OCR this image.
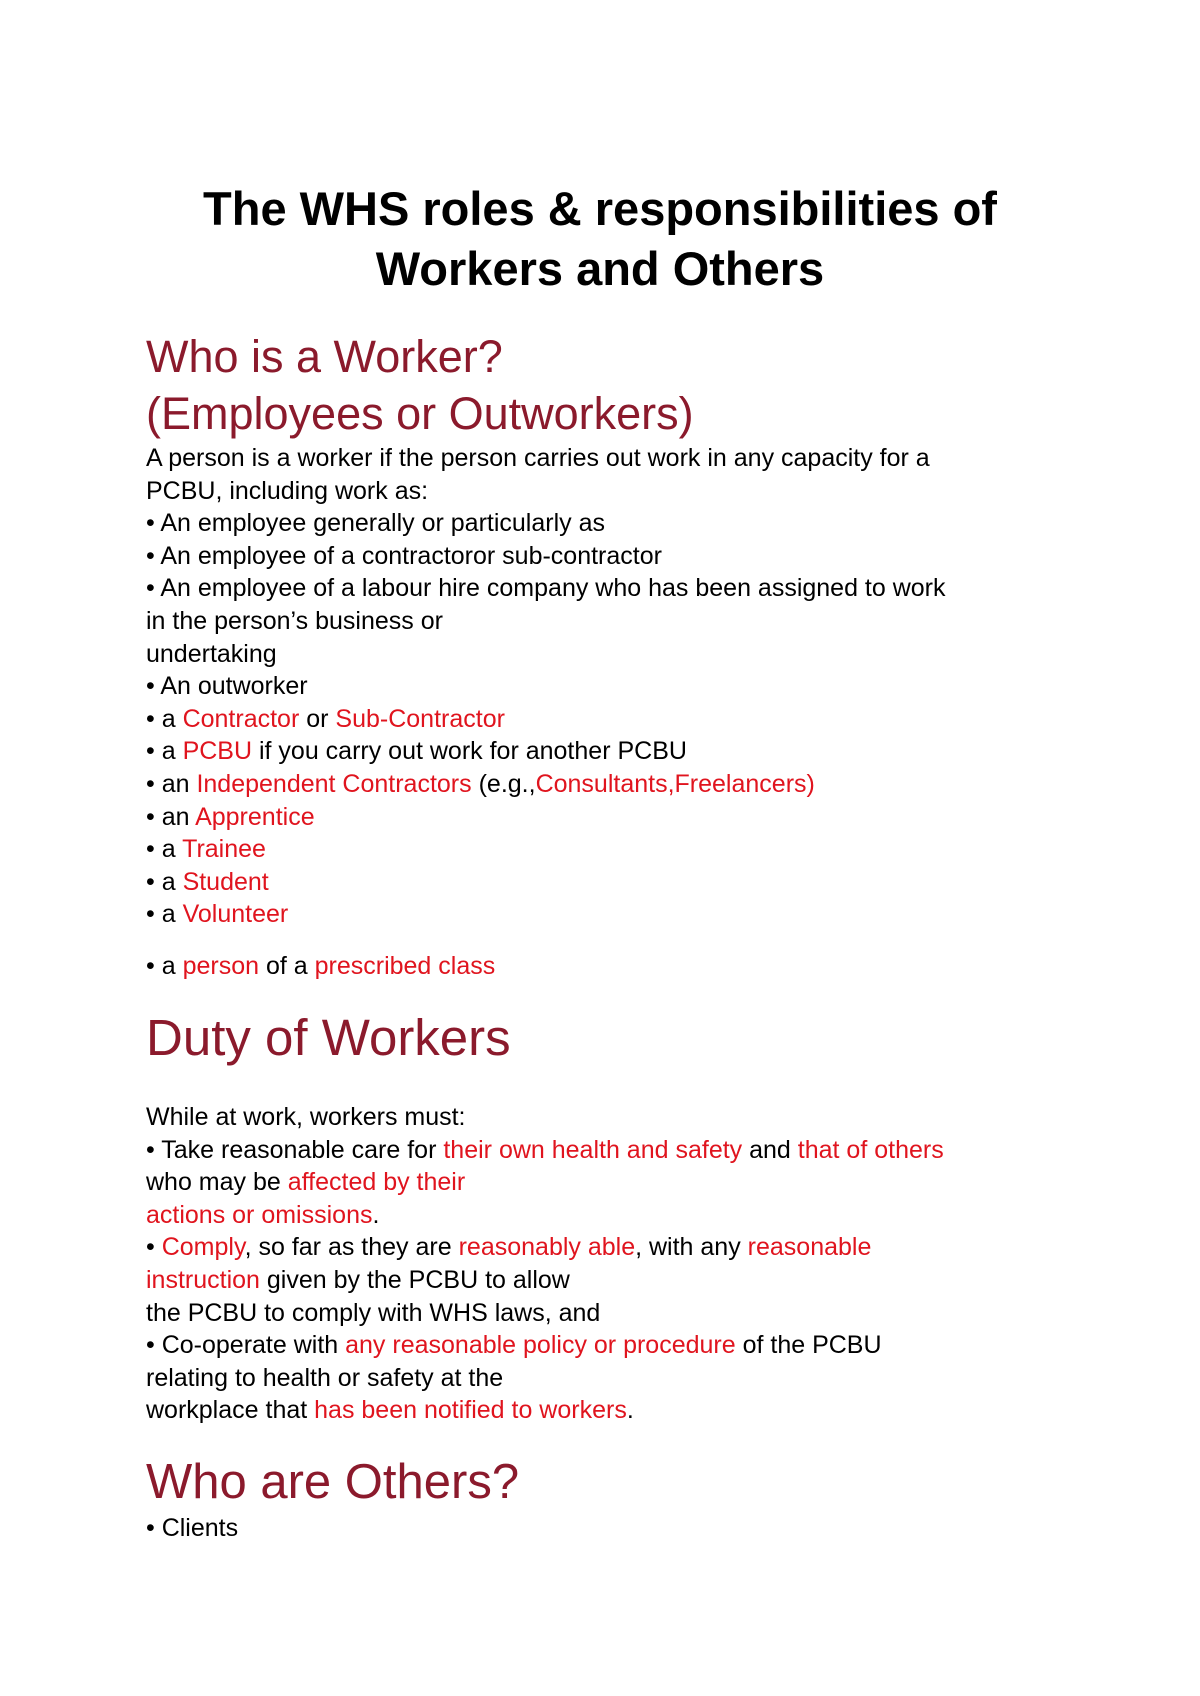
The WHS roles & responsibilities of
Workers and Others
Who is a Worker?
(Employees or Outworkers)
A person is a worker if the person carries out work in any capacity for a
PCBU, including work as:
• An employee generally or particularly as
• An employee of a contractoror sub-contractor
• An employee of a labour hire company who has been assigned to work
in the person’s business or
undertaking
• An outworker
• a Contractor or Sub-Contractor
• a PCBU if you carry out work for another PCBU
• an Independent Contractors (e.g.,Consultants,Freelancers)
• an Apprentice
• a Trainee
• a Student
• a Volunteer
• a person of a prescribed class
Duty of Workers
While at work, workers must:
• Take reasonable care for their own health and safety and that of others
who may be affected by their
actions or omissions.
• Comply, so far as they are reasonably able, with any reasonable
instruction given by the PCBU to allow
the PCBU to comply with WHS laws, and
• Co-operate with any reasonable policy or procedure of the PCBU
relating to health or safety at the
workplace that has been notified to workers.
Who are Others?
• Clients
